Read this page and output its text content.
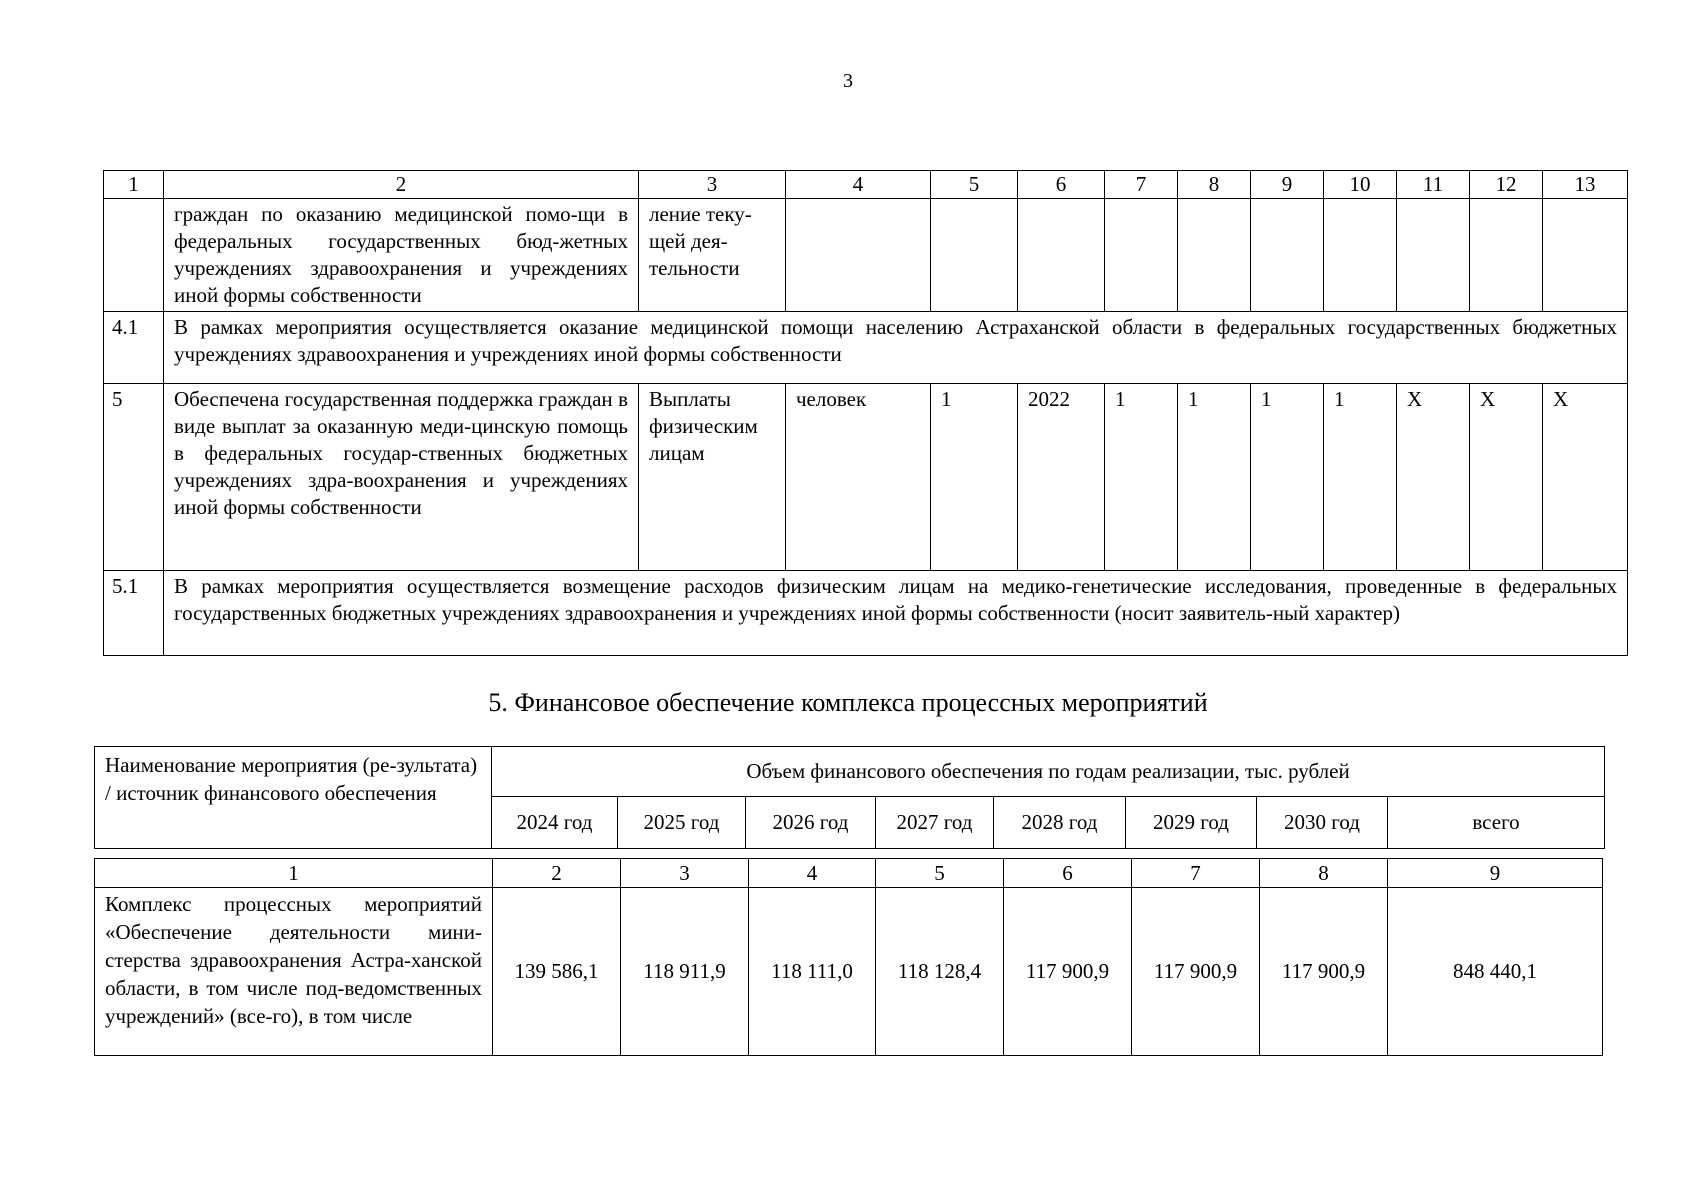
3
1	2	3	4	5	6	7	8	9	10	11	12	13
	граждан по оказанию медицинской помо-щи в федеральных государственных бюд-жетных учреждениях здравоохранения и учреждениях иной формы собственности	ление теку-щей дея-тельности										
4.1	В рамках мероприятия осуществляется оказание медицинской помощи населению Астраханской области в федеральных государственных бюджетных учреждениях здравоохранения и учреждениях иной формы собственности											
5	Обеспечена государственная поддержка граждан в виде выплат за оказанную меди-цинскую помощь в федеральных государ-ственных бюджетных учреждениях здра-воохранения и учреждениях иной формы собственности	Выплаты физическим лицам	человек	1	2022	1	1	1	1	Х	Х	Х
5.1	В рамках мероприятия осуществляется возмещение расходов физическим лицам на медико-генетические исследования, проведенные в федеральных государственных бюджетных учреждениях здравоохранения и учреждениях иной формы собственности (носит заявитель-ный характер)											
5. Финансовое обеспечение комплекса процессных мероприятий
Наименование мероприятия (ре-зультата) / источник финансового обеспечения	Объем финансового обеспечения по годам реализации, тыс. рублей							
	2024 год	2025 год	2026 год	2027 год	2028 год	2029 год	2030 год	всего
1	2	3	4	5	6	7	8	9
Комплекс процессных мероприятий «Обеспечение деятельности мини-стерства здравоохранения Астра-ханской области, в том числе под-ведомственных учреждений» (все-го), в том числе	139 586,1	118 911,9	118 111,0	118 128,4	117 900,9	117 900,9	117 900,9	848 440,1
